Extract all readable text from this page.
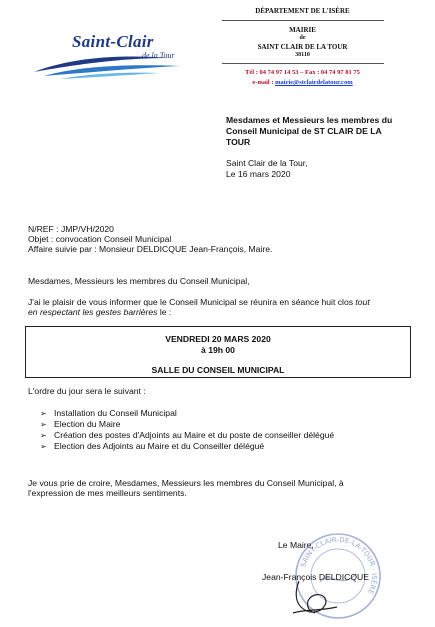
Saint-Clair
de la Tour
DÉPARTEMENT DE L'ISÈRE
MAIRIE
de
SAINT CLAIR DE LA TOUR
38110
Tél : 04 74 97 14 53 – Fax : 04 74 97 81 75
e-mail : mairie@stclairdelatour.com
Mesdames et Messieurs les membres du
Conseil Municipal de ST CLAIR DE LA
TOUR
Saint Clair de la Tour,
Le 16 mars 2020
N/REF : JMP/VH/2020
Objet : convocation Conseil Municipal
Affaire suivie par : Monsieur DELDICQUE Jean-François, Maire.
Mesdames, Messieurs les membres du Conseil Municipal,
J'ai le plaisir de vous informer que le Conseil Municipal se réunira en séance huit clos tout
en respectant les gestes barrières le :
VENDREDI 20 MARS 2020
à 19h 00
SALLE DU CONSEIL MUNICIPAL
L'ordre du jour sera le suivant :
➢ Installation du Conseil Municipal
➢ Election du Maire
➢ Création des postes d'Adjoints au Maire et du poste de conseiller délégué
➢ Election des Adjoints au Maire et du Conseiller délégué
Je vous prie de croire, Mesdames, Messieurs les membres du Conseil Municipal, à
l'expression de mes meilleurs sentiments.
Le Maire,
SAINT-CLAIR-DE-LA-TOUR · ISÈRE
Jean-François DELDICQUE
